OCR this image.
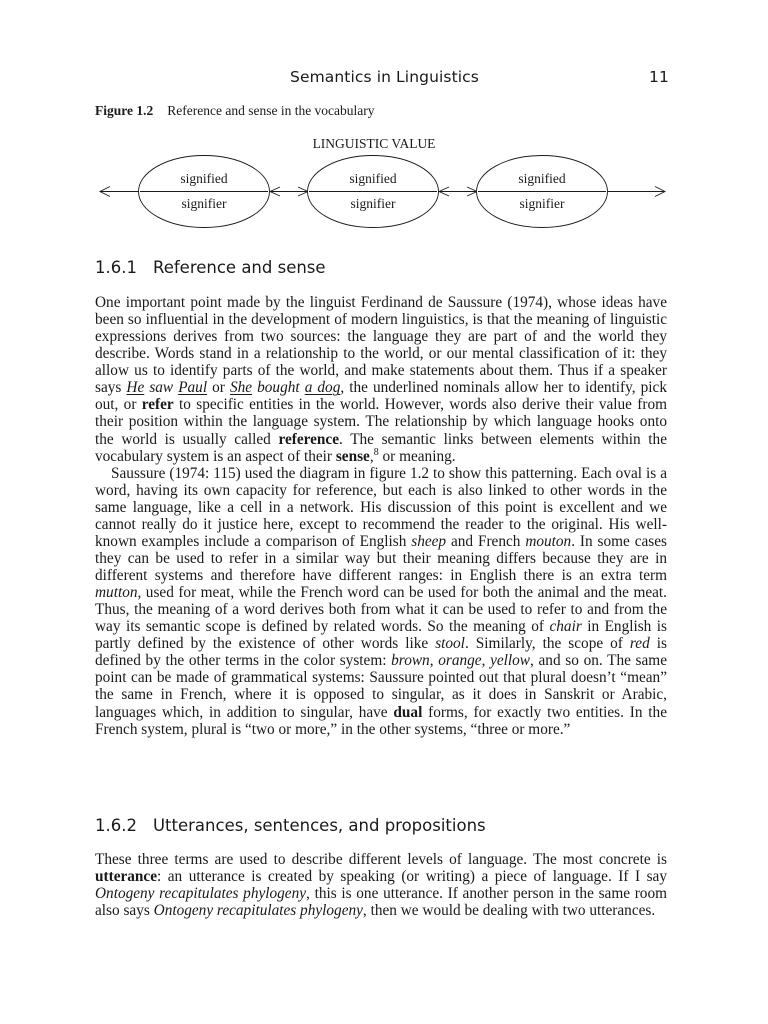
Semantics in Linguistics	11
Figure 1.2 Reference and sense in the vocabulary
LINGUISTIC VALUE
signified
signifier
signified
signifier
signified
signifier
1.6.1 Reference and sense

One important point made by the linguist Ferdinand de Saussure (1974), whose ideas have been so influential in the development of modern linguistics, is that the meaning of linguistic expressions derives from two sources: the language they are part of and the world they describe. Words stand in a relationship to the world, or our mental classification of it: they allow us to identify parts of the world, and make statements about them. Thus if a speaker says He saw Paul or She bought a dog, the underlined nominals allow her to identify, pick out, or refer to specific entities in the world. However, words also derive their value from their position within the language system. The relationship by which language hooks onto the world is usually called reference. The semantic links between elements within the vocabulary system is an aspect of their sense,$^8$ or meaning.
Saussure (1974: 115) used the diagram in figure 1.2 to show this patterning. Each oval is a word, having its own capacity for reference, but each is also linked to other words in the same language, like a cell in a network. His discussion of this point is excellent and we cannot really do it justice here, except to recommend the reader to the original. His well-known examples include a comparison of English sheep and French mouton. In some cases they can be used to refer in a similar way but their meaning differs because they are in different systems and therefore have different ranges: in English there is an extra term mutton, used for meat, while the French word can be used for both the animal and the meat. Thus, the meaning of a word derives both from what it can be used to refer to and from the way its semantic scope is defined by related words. So the meaning of chair in English is partly defined by the existence of other words like stool. Similarly, the scope of red is defined by the other terms in the color system: brown, orange, yellow, and so on. The same point can be made of grammatical systems: Saussure pointed out that plural doesn’t “mean” the same in French, where it is opposed to singular, as it does in Sanskrit or Arabic, languages which, in addition to singular, have dual forms, for exactly two entities. In the French system, plural is “two or more,” in the other systems, “three or more.”

1.6.2 Utterances, sentences, and propositions

These three terms are used to describe different levels of language. The most concrete is utterance: an utterance is created by speaking (or writing) a piece of language. If I say Ontogeny recapitulates phylogeny, this is one utterance. If another person in the same room also says Ontogeny recapitulates phylogeny, then we would be dealing with two utterances.
